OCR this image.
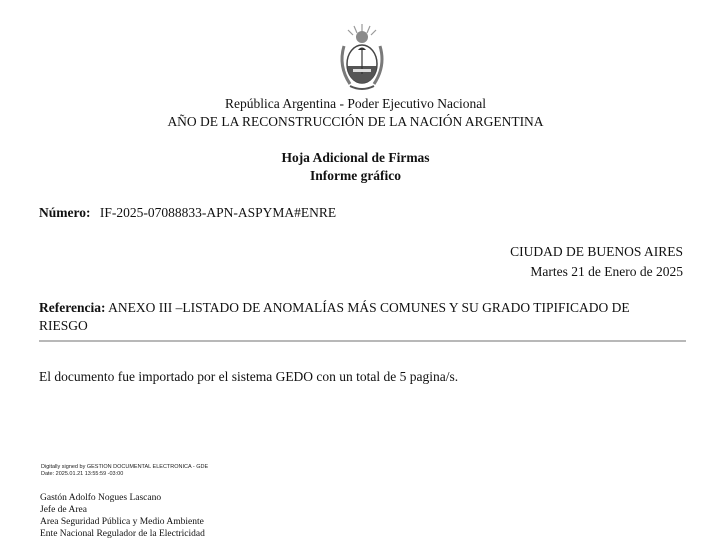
República Argentina - Poder Ejecutivo Nacional
AÑO DE LA RECONSTRUCCIÓN DE LA NACIÓN ARGENTINA
Hoja Adicional de Firmas
Informe gráfico
Número: IF-2025-07088833-APN-ASPYMA#ENRE
CIUDAD DE BUENOS AIRES
Martes 21 de Enero de 2025
Referencia: ANEXO III –LISTADO DE ANOMALÍAS MÁS COMUNES Y SU GRADO TIPIFICADO DE RIESGO
El documento fue importado por el sistema GEDO con un total de 5 pagina/s.
Digitally signed by GESTION DOCUMENTAL ELECTRONICA - GDE
Date: 2025.01.21 13:55:59 -03:00
Gastón Adolfo Nogues Lascano
Jefe de Area
Area Seguridad Pública y Medio Ambiente
Ente Nacional Regulador de la Electricidad
